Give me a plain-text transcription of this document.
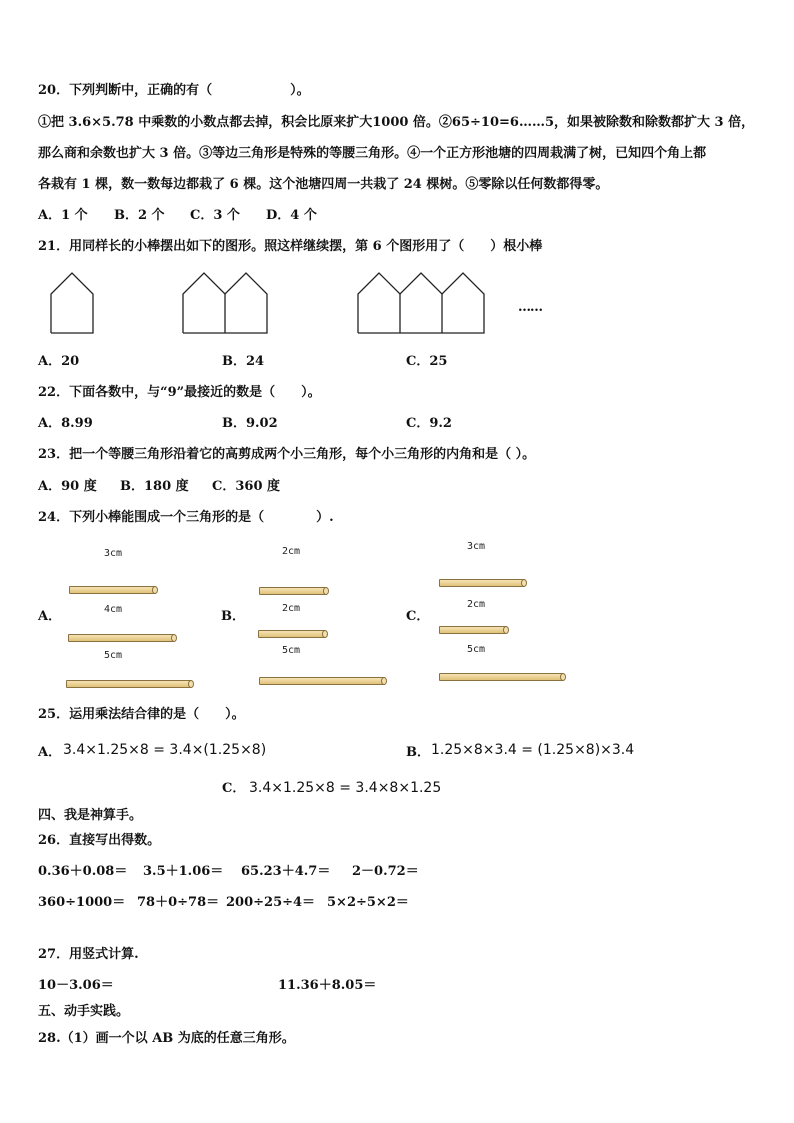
20．下列判断中，正确的有（　　　　　　）。
①把 3.6×5.78 中乘数的小数点都去掉，积会比原来扩大1000 倍。②65÷10=6……5，如果被除数和除数都扩大 3 倍，
那么商和余数也扩大 3 倍。③等边三角形是特殊的等腰三角形。④一个正方形池塘的四周栽满了树，已知四个角上都
各栽有 1 棵，数一数每边都栽了 6 棵。这个池塘四周一共栽了 24 棵树。⑤零除以任何数都得零。
A．1 个 B．2 个 C．3 个 D．4 个
21．用同样长的小棒摆出如下的图形。照这样继续摆，第 6 个图形用了（　　）根小棒
……
A．20	B．24	C．25
22．下面各数中，与“9”最接近的数是（　　）。
A．8.99	B．9.02	C．9.2
23．把一个等腰三角形沿着它的高剪成两个小三角形，每个小三角形的内角和是（ ）。
A．90 度 B．180 度 C．360 度
24．下列小棒能围成一个三角形的是（　　　　）.
A．
3cm
4cm
5cm
B．
2cm
2cm
5cm
C．
3cm
2cm
5cm
25．运用乘法结合律的是（　　）。
A． 3.4×1.25×8 = 3.4×(1.25×8)	B． 1.25×8×3.4 = (1.25×8)×3.4
C． 3.4×1.25×8 = 3.4×8×1.25
四、我是神算手。
26．直接写出得数。
0.36＋0.08＝ 3.5＋1.06＝ 65.23＋4.7＝ 2－0.72＝
360÷1000＝ 78＋0÷78＝ 200÷25÷4＝ 5×2÷5×2＝
27．用竖式计算.
10－3.06＝	11.36＋8.05＝
五、动手实践。
28.（1）画一个以 AB 为底的任意三角形。
